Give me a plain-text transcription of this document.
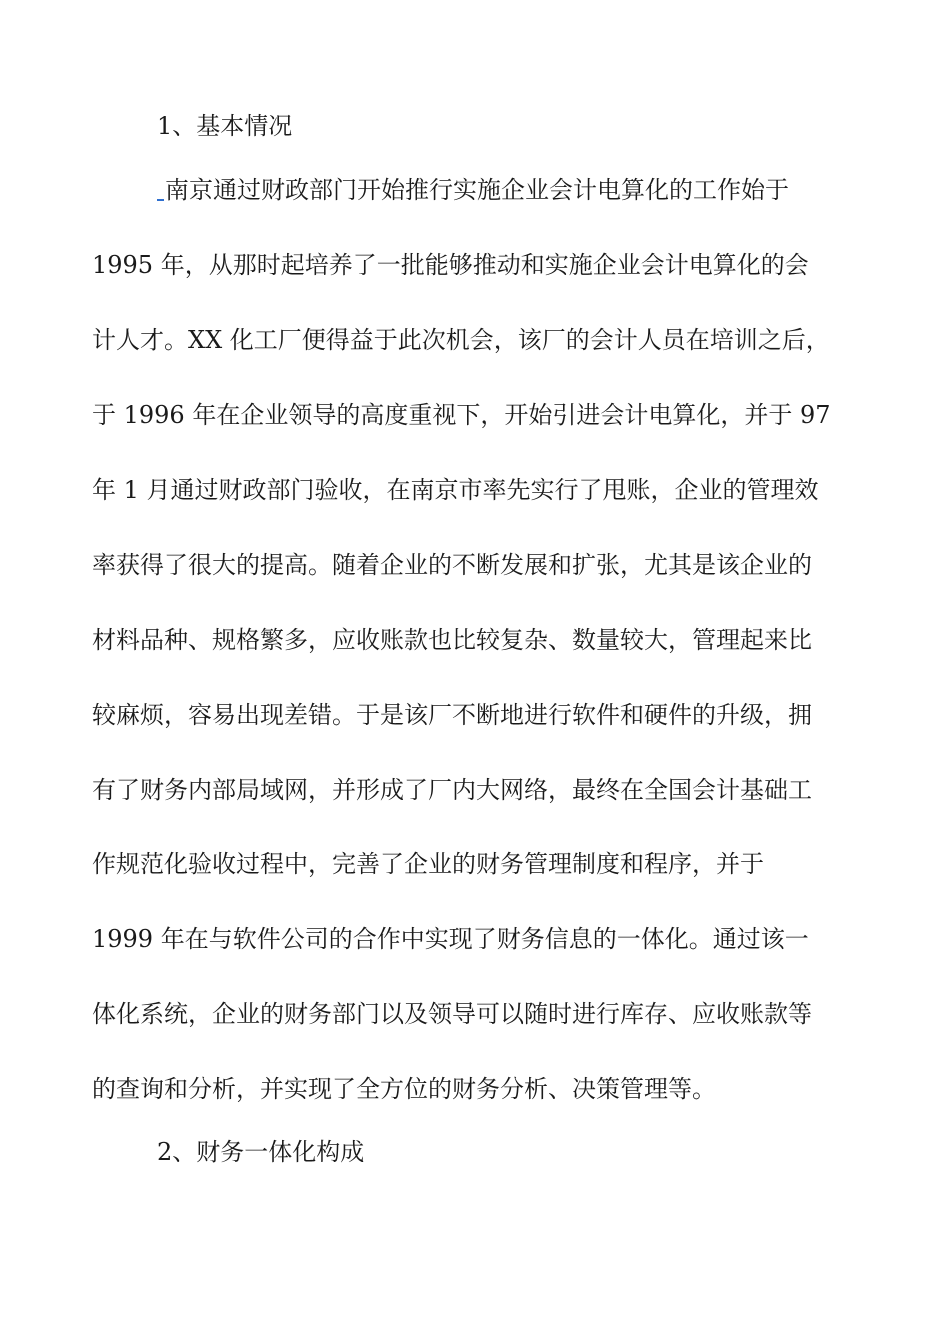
1、基本情况
南京通过财政部门开始推行实施企业会计电算化的工作始于
1995 年，从那时起培养了一批能够推动和实施企业会计电算化的会
计人才。XX 化工厂便得益于此次机会，该厂的会计人员在培训之后，
于 1996 年在企业领导的高度重视下，开始引进会计电算化，并于 97
年 1 月通过财政部门验收，在南京市率先实行了甩账，企业的管理效
率获得了很大的提高。随着企业的不断发展和扩张，尤其是该企业的
材料品种、规格繁多，应收账款也比较复杂、数量较大，管理起来比
较麻烦，容易出现差错。于是该厂不断地进行软件和硬件的升级，拥
有了财务内部局域网，并形成了厂内大网络，最终在全国会计基础工
作规范化验收过程中，完善了企业的财务管理制度和程序，并于
1999 年在与软件公司的合作中实现了财务信息的一体化。通过该一
体化系统，企业的财务部门以及领导可以随时进行库存、应收账款等
的查询和分析，并实现了全方位的财务分析、决策管理等。
2、财务一体化构成
